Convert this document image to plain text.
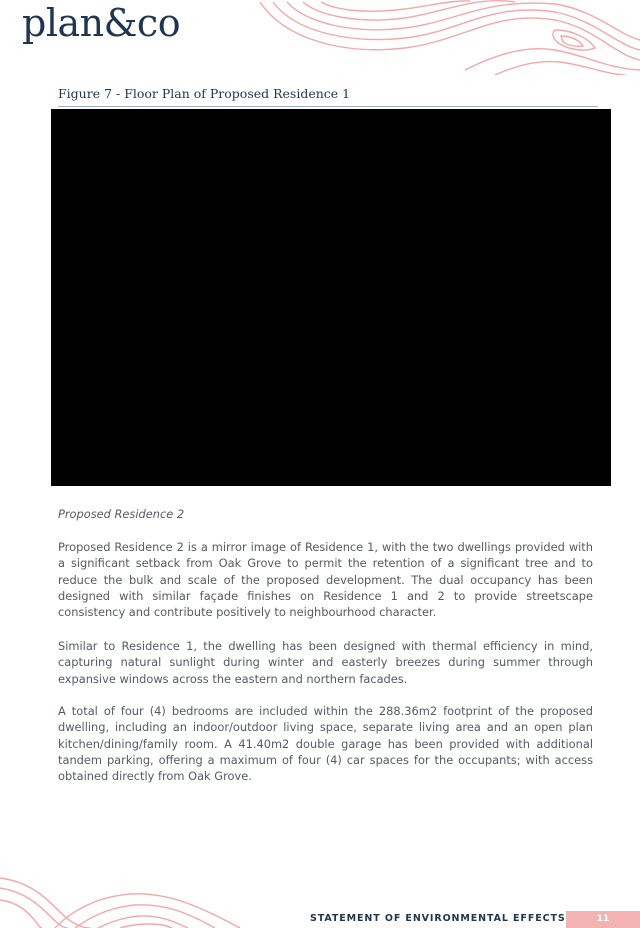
plan&co
Figure 7 - Floor Plan of Proposed Residence 1
Proposed Residence 2

Proposed Residence 2 is a mirror image of Residence 1, with the two dwellings provided with a significant setback from Oak Grove to permit the retention of a significant tree and to reduce the bulk and scale of the proposed development. The dual occupancy has been designed with similar façade finishes on Residence 1 and 2 to provide streetscape consistency and contribute positively to neighbourhood character.

Similar to Residence 1, the dwelling has been designed with thermal efficiency in mind, capturing natural sunlight during winter and easterly breezes during summer through expansive windows across the eastern and northern facades.

A total of four (4) bedrooms are included within the 288.36m2 footprint of the proposed dwelling, including an indoor/outdoor living space, separate living area and an open plan kitchen/dining/family room. A 41.40m2 double garage has been provided with additional tandem parking, offering a maximum of four (4) car spaces for the occupants; with access obtained directly from Oak Grove.

STATEMENT OF ENVIRONMENTAL EFFECTS	11
